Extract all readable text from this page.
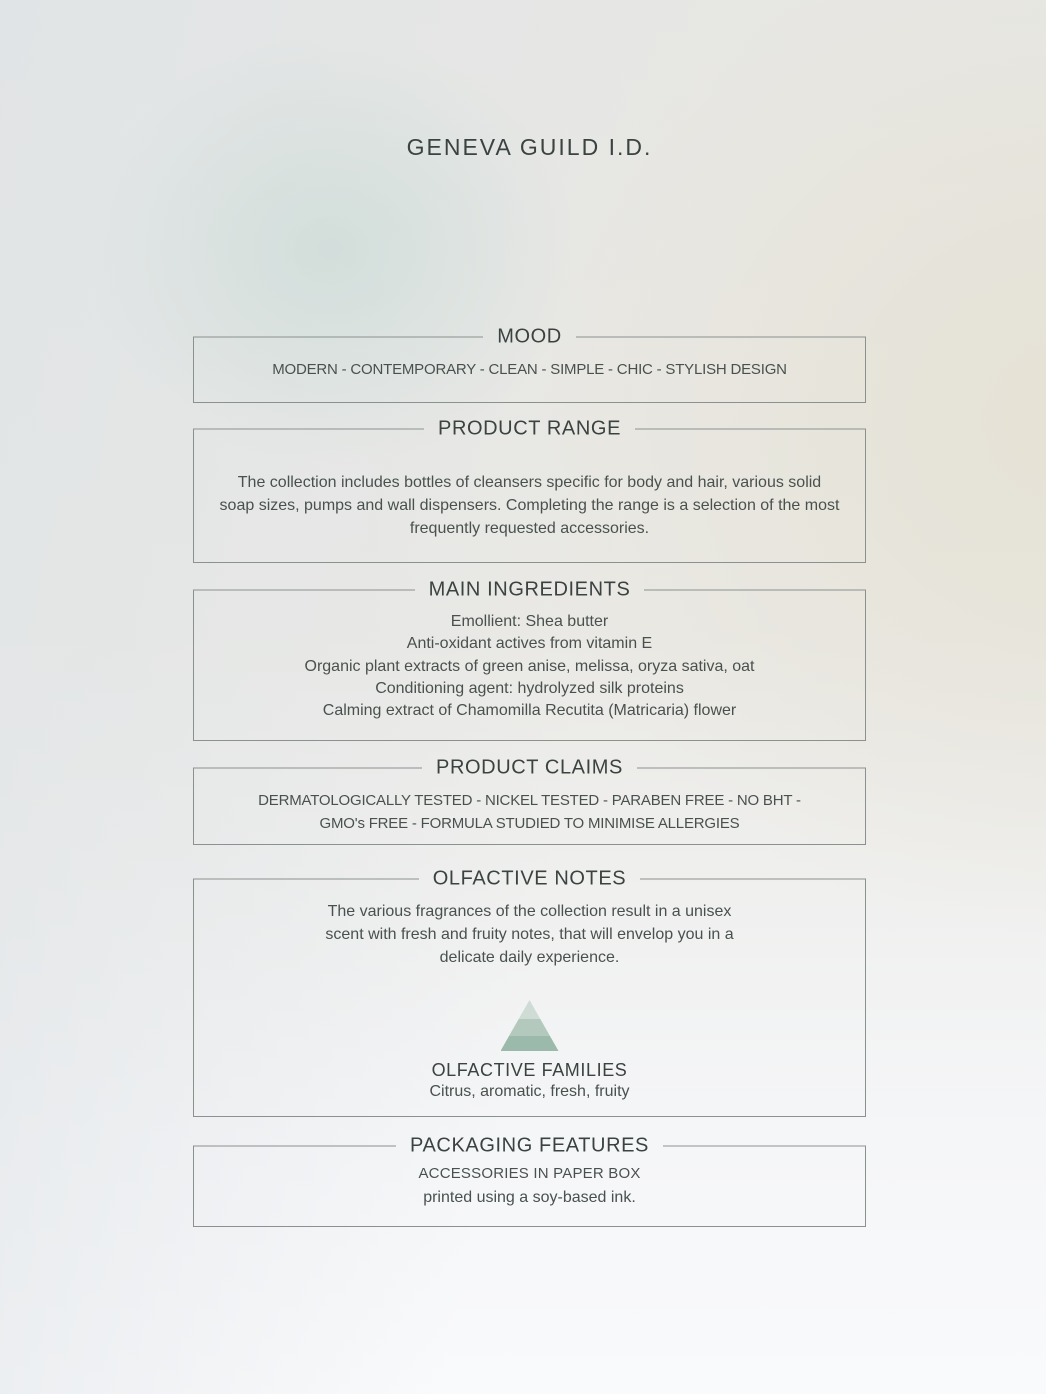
GENEVA GUILD I.D.
MOOD

MODERN - CONTEMPORARY - CLEAN - SIMPLE - CHIC - STYLISH DESIGN

PRODUCT RANGE

The collection includes bottles of cleansers specific for body and hair, various solid soap sizes, pumps and wall dispensers. Completing the range is a selection of the most frequently requested accessories.

MAIN INGREDIENTS

Emollient: Shea butter

Anti-oxidant actives from vitamin E

Organic plant extracts of green anise, melissa, oryza sativa, oat

Conditioning agent: hydrolyzed silk proteins

Calming extract of Chamomilla Recutita (Matricaria) flower

PRODUCT CLAIMS

DERMATOLOGICALLY TESTED - NICKEL TESTED - PARABEN FREE - NO BHT -

GMO's FREE - FORMULA STUDIED TO MINIMISE ALLERGIES

OLFACTIVE NOTES

The various fragrances of the collection result in a unisex scent with fresh and fruity notes, that will envelop you in a delicate daily experience.

OLFACTIVE FAMILIES

Citrus, aromatic, fresh, fruity

PACKAGING FEATURES

ACCESSORIES IN PAPER BOX

printed using a soy-based ink.
